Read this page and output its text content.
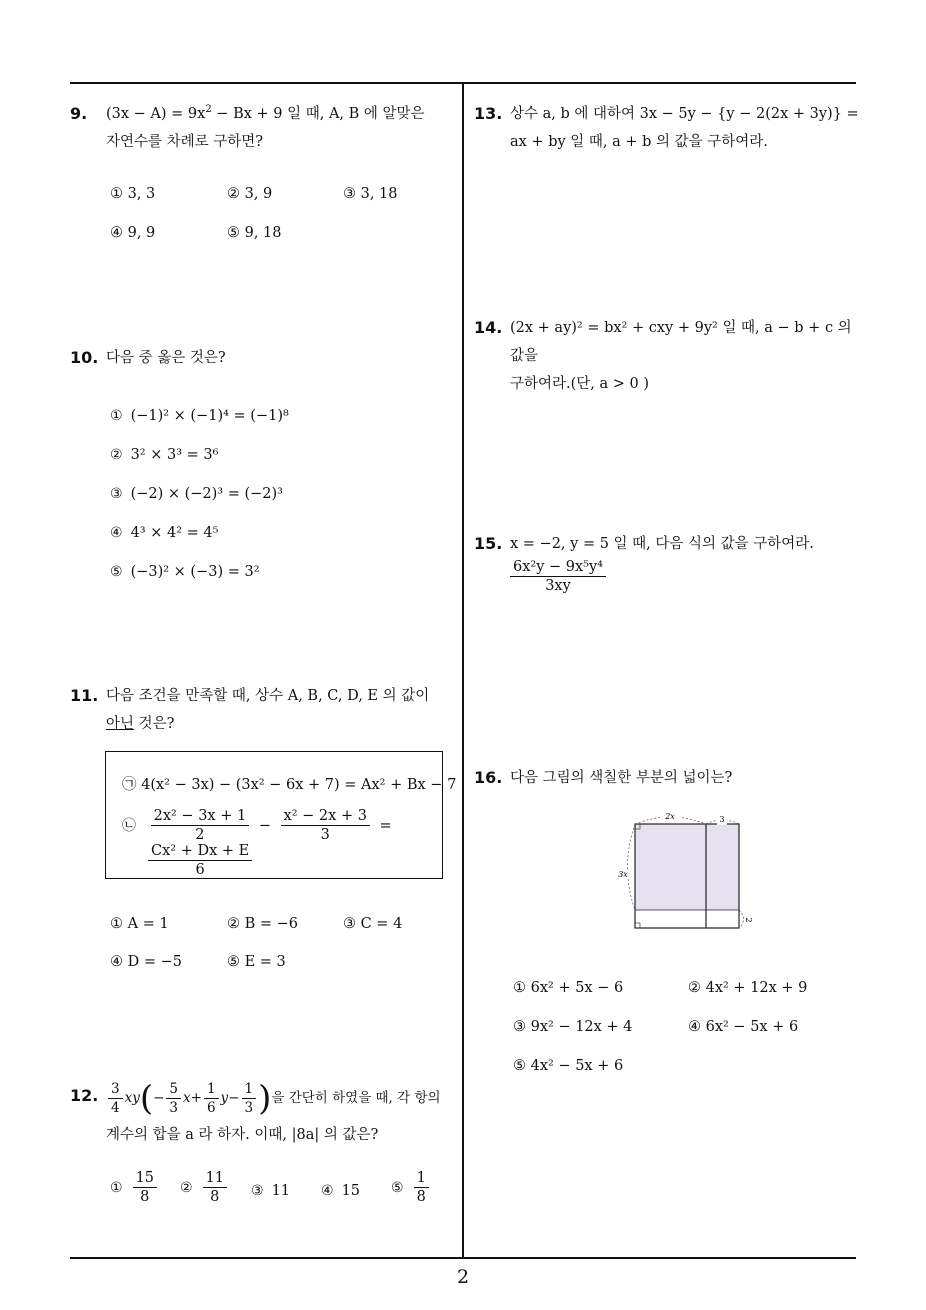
2
9. $(3x - A) = 9x^2 - Bx + 9$ 일 때, A, B 에 알맞은
자연수를 차례로 구하면?
① 3, 3	② 3, 9	③ 3, 18
④ 9, 9	⑤ 9, 18
10. 다음 중 옳은 것은?
① (−1)² × (−1)⁴ = (−1)⁸
② 3² × 3³ = 3⁶
③ (−2) × (−2)³ = (−2)³
④ 4³ × 4² = 4⁵
⑤ (−3)² × (−3) = 3²
11. 다음 조건을 만족할 때, 상수 A, B, C, D, E 의 값이
아닌 것은?
㉠ 4(x² − 3x) − (3x² − 6x + 7) = Ax² + Bx − 7
㉡ $\frac{\text{2x² − 3x + 1}}{2} - \frac{\text{x² − 2x + 3}}{3}$ =
$\frac{\text{Cx² + Dx + E}}{6}$
① A = 1	② B = −6	③ C = 4
④ D = −5	⑤ E = 3
12. $\frac{3}{4} xy(- \frac{5}{3} x+ \frac{1}{6} y- \frac{1}{3}$ )을 간단히 하였을 때, 각 항의
계수의 합을 a 라 하자. 이때, |8a| 의 값은?
① $\frac{15}{8}$ ② $\frac{11}{8}$ ③ 11 ④ 15 ⑤ $\frac{1}{8}$
13. 상수 a, b 에 대하여 3x − 5y − {y − 2(2x + 3y)} =
ax + by 일 때, a + b 의 값을 구하여라.
14. (2x + ay)² = bx² + cxy + 9y² 일 때, a − b + c 의 값을
구하여라.(단, a > 0 )
15. x = −2, y = 5 일 때, 다음 식의 값을 구하여라.
$\frac{\text{6x²y − 9x⁵y⁴}}{3xy}$
16. 다음 그림의 색칠한 부분의 넓이는?
2x	3
3x
2
① 6x² + 5x − 6	② 4x² + 12x + 9
③ 9x² − 12x + 4	④ 6x² − 5x + 6
⑤ 4x² − 5x + 6
